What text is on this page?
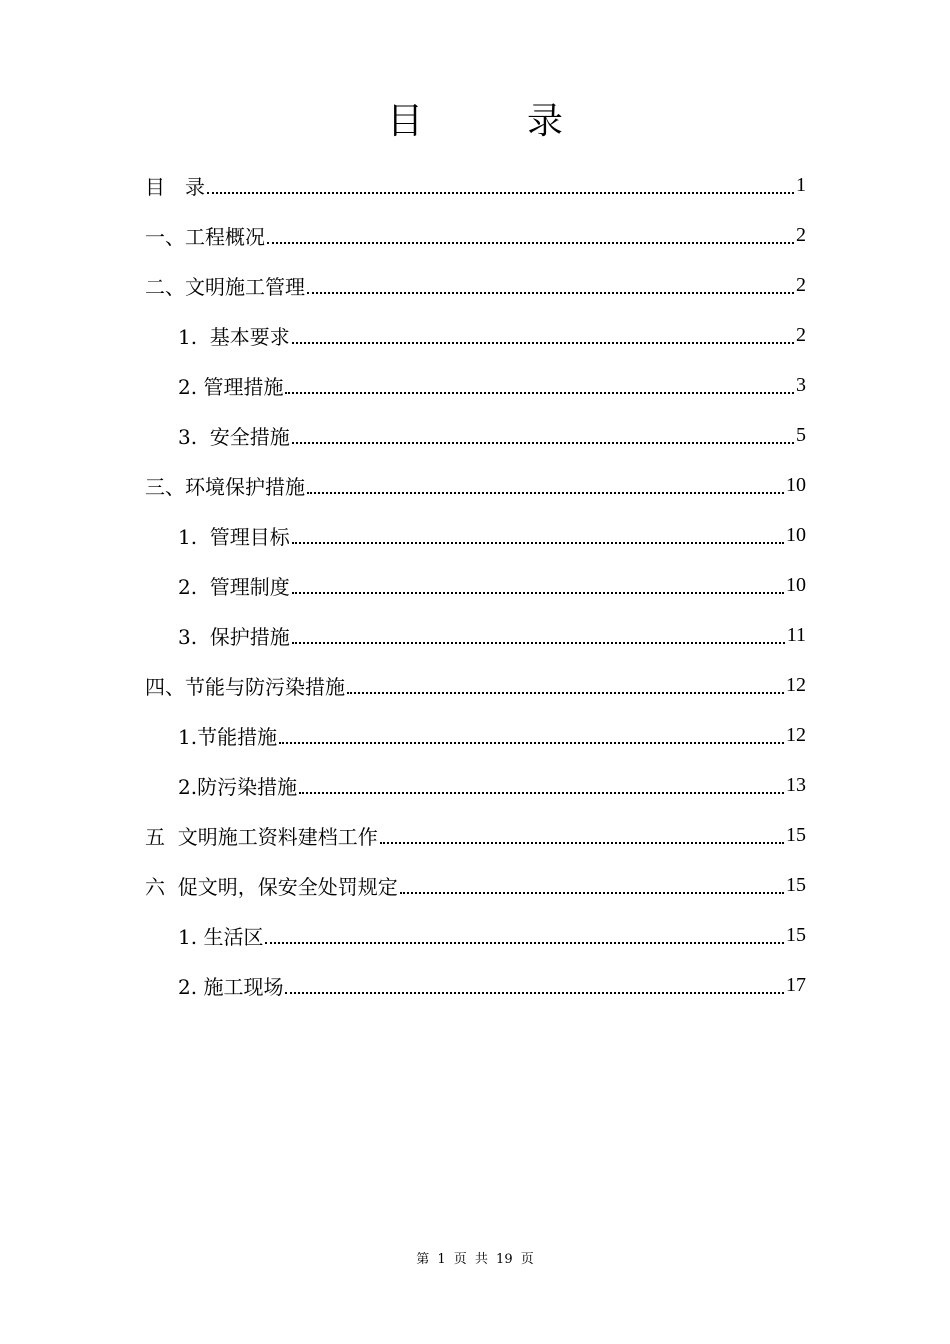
目　录
目　录	1
一、工程概况	2
二、文明施工管理	2
1.  基本要求	2
2. 管理措施	3
3.  安全措施	5
三、环境保护措施	10
1.  管理目标	10
2.  管理制度	10
3.  保护措施	11
四、节能与防污染措施	12
1.节能措施	12
2.防污染措施	13
五  文明施工资料建档工作	15
六  促文明，保安全处罚规定	15
1. 生活区	15
2. 施工现场	17
第 1 页 共 19 页
